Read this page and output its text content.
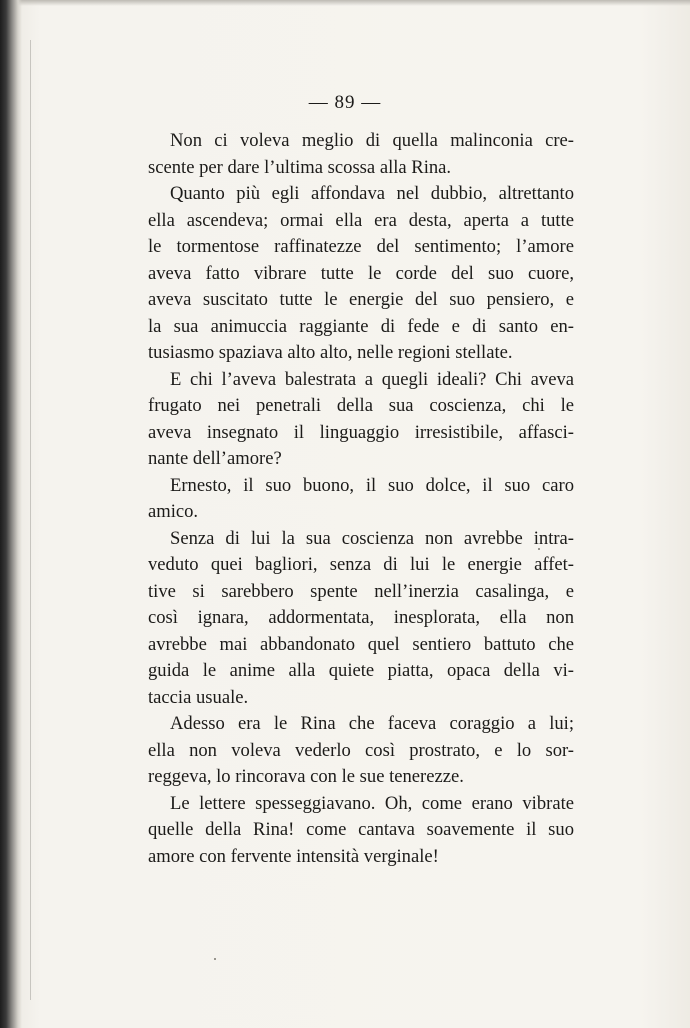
— 89 —
Non ci voleva meglio di quella malinconia cre-
scente per dare l’ultima scossa alla Rina.
Quanto più egli affondava nel dubbio, altrettanto
ella ascendeva; ormai ella era desta, aperta a tutte
le tormentose raffinatezze del sentimento; l’amore
aveva fatto vibrare tutte le corde del suo cuore,
aveva suscitato tutte le energie del suo pensiero, e
la sua animuccia raggiante di fede e di santo en-
tusiasmo spaziava alto alto, nelle regioni stellate.
E chi l’aveva balestrata a quegli ideali? Chi aveva
frugato nei penetrali della sua coscienza, chi le
aveva insegnato il linguaggio irresistibile, affasci-
nante dell’amore?
Ernesto, il suo buono, il suo dolce, il suo caro
amico.
Senza di lui la sua coscienza non avrebbe intra-
veduto quei bagliori, senza di lui le energie affet-
tive si sarebbero spente nell’inerzia casalinga, e
così ignara, addormentata, inesplorata, ella non
avrebbe mai abbandonato quel sentiero battuto che
guida le anime alla quiete piatta, opaca della vi-
taccia usuale.
Adesso era le Rina che faceva coraggio a lui;
ella non voleva vederlo così prostrato, e lo sor-
reggeva, lo rincorava con le sue tenerezze.
Le lettere spesseggiavano. Oh, come erano vibrate
quelle della Rina! come cantava soavemente il suo
amore con fervente intensità verginale!
